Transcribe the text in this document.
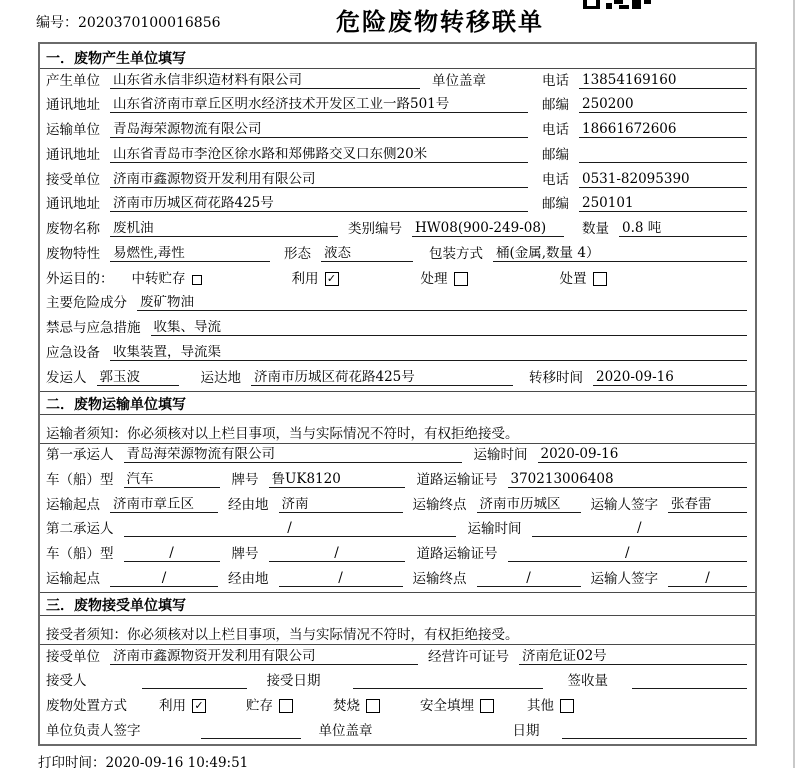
编号：2020370100016856	危险废物转移联单
一．废物产生单位填写
产生单位 山东省永信非织造材料有限公司	单位盖章	电话 13854169160
通讯地址 山东省济南市章丘区明水经济技术开发区工业一路501号	邮编 250200
运输单位 青岛海荣源物流有限公司	电话 18661672606
通讯地址 山东省青岛市李沧区徐水路和郑佛路交叉口东侧20米	邮编
接受单位 济南市鑫源物资开发利用有限公司	电话 0531-82095390
通讯地址 济南市历城区荷花路425号	邮编 250101
废物名称 废机油	类别编号 HW08(900-249-08)	数量 0.8 吨
废物特性 易燃性,毒性	形态 液态	包装方式 桶(金属,数量 4）
外运目的： 中转贮存	利用 ✓	处理	处置
主要危险成分 废矿物油
禁忌与应急措施 收集、导流
应急设备 收集装置，导流渠
发运人 郭玉波	运达地 济南市历城区荷花路425号	转移时间 2020-09-16
二．废物运输单位填写
运输者须知：你必须核对以上栏目事项，当与实际情况不符时，有权拒绝接受。
第一承运人 青岛海荣源物流有限公司	运输时间 2020-09-16
车（船）型 汽车	牌号 鲁UK8120	道路运输证号 370213006408
运输起点 济南市章丘区	经由地 济南	运输终点 济南市历城区	运输人签字 张春雷
第二承运人	/	运输时间	/
车（船）型	/	牌号	/	道路运输证号	/
运输起点	/	经由地	/	运输终点	/	运输人签字	/
三．废物接受单位填写
接受者须知：你必须核对以上栏目事项，当与实际情况不符时，有权拒绝接受。
接受单位 济南市鑫源物资开发利用有限公司	经营许可证号 济南危证02号
接受人	接受日期	签收量
废物处置方式 利用 ✓	贮存	焚烧	安全填埋	其他
单位负责人签字	单位盖章	日期
打印时间：2020-09-16 10:49:51
